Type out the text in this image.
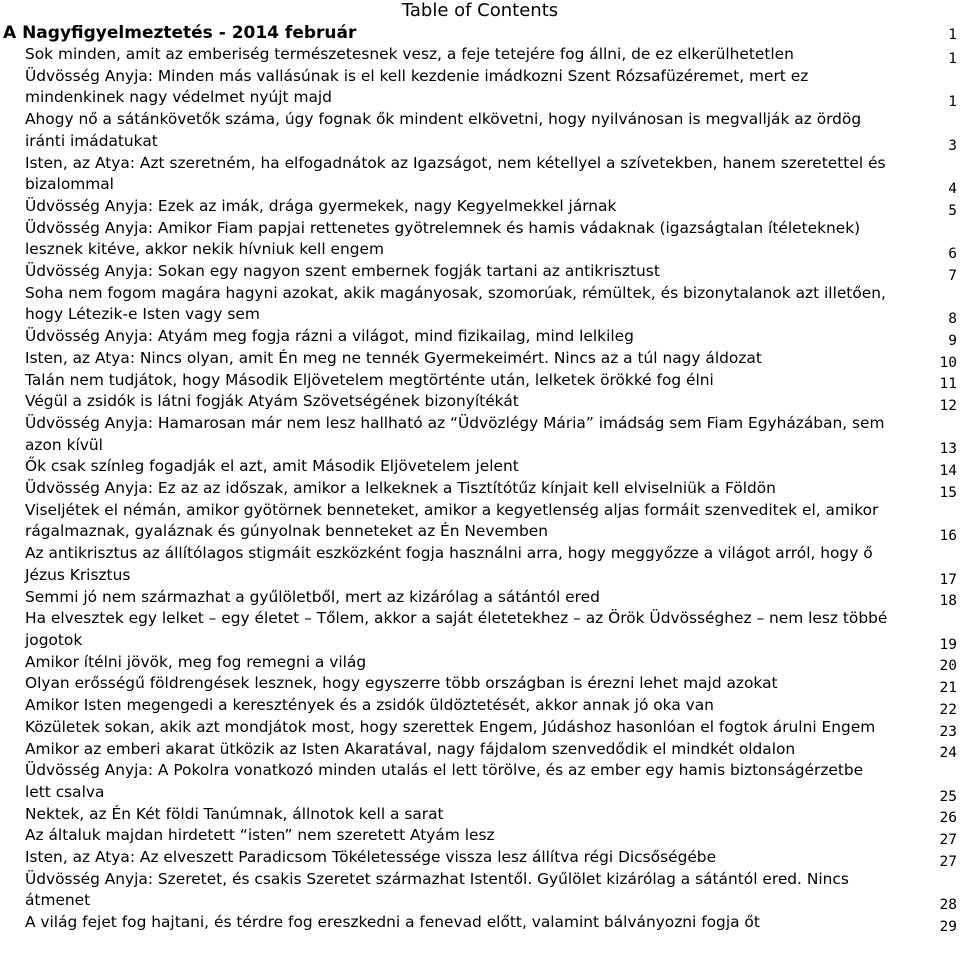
Table of Contents
A Nagyfigyelmeztetés - 2014 február	1
Sok minden, amit az emberiség természetesnek vesz, a feje tetejére fog állni, de ez elkerülhetetlen	1
Üdvösség Anyja: Minden más vallásúnak is el kell kezdenie imádkozni Szent Rózsafüzéremet, mert ez
mindenkinek nagy védelmet nyújt majd	1
Ahogy nő a sátánkövetők száma, úgy fognak ők mindent elkövetni, hogy nyilvánosan is megvallják az ördög
iránti imádatukat	3
Isten, az Atya: Azt szeretném, ha elfogadnátok az Igazságot, nem kétellyel a szívetekben, hanem szeretettel és
bizalommal	4
Üdvösség Anyja: Ezek az imák, drága gyermekek, nagy Kegyelmekkel járnak	5
Üdvösség Anyja: Amikor Fiam papjai rettenetes gyötrelemnek és hamis vádaknak (igazságtalan ítéleteknek)
lesznek kitéve, akkor nekik hívniuk kell engem	6
Üdvösség Anyja: Sokan egy nagyon szent embernek fogják tartani az antikrisztust	7
Soha nem fogom magára hagyni azokat, akik magányosak, szomorúak, rémültek, és bizonytalanok azt illetően,
hogy Létezik-e Isten vagy sem	8
Üdvösség Anyja: Atyám meg fogja rázni a világot, mind fizikailag, mind lelkileg	9
Isten, az Atya: Nincs olyan, amit Én meg ne tennék Gyermekeimért. Nincs az a túl nagy áldozat	10
Talán nem tudjátok, hogy Második Eljövetelem megtörténte után, lelketek örökké fog élni	11
Végül a zsidók is látni fogják Atyám Szövetségének bizonyítékát	12
Üdvösség Anyja: Hamarosan már nem lesz hallható az “Üdvözlégy Mária” imádság sem Fiam Egyházában, sem
azon kívül	13
Ők csak színleg fogadják el azt, amit Második Eljövetelem jelent	14
Üdvösség Anyja: Ez az az időszak, amikor a lelkeknek a Tisztítótűz kínjait kell elviselniük a Földön	15
Viseljétek el némán, amikor gyötörnek benneteket, amikor a kegyetlenség aljas formáit szenveditek el, amikor
rágalmaznak, gyaláznak és gúnyolnak benneteket az Én Nevemben	16
Az antikrisztus az állítólagos stigmáit eszközként fogja használni arra, hogy meggyőzze a világot arról, hogy ő
Jézus Krisztus	17
Semmi jó nem származhat a gyűlöletből, mert az kizárólag a sátántól ered	18
Ha elvesztek egy lelket – egy életet – Tőlem, akkor a saját életetekhez – az Örök Üdvösséghez – nem lesz többé
jogotok	19
Amikor ítélni jövök, meg fog remegni a világ	20
Olyan erősségű földrengések lesznek, hogy egyszerre több országban is érezni lehet majd azokat	21
Amikor Isten megengedi a keresztények és a zsidók üldöztetését, akkor annak jó oka van	22
Közületek sokan, akik azt mondjátok most, hogy szerettek Engem, Júdáshoz hasonlóan el fogtok árulni Engem	23
Amikor az emberi akarat ütközik az Isten Akaratával, nagy fájdalom szenvedődik el mindkét oldalon	24
Üdvösség Anyja: A Pokolra vonatkozó minden utalás el lett törölve, és az ember egy hamis biztonságérzetbe
lett csalva	25
Nektek, az Én Két földi Tanúmnak, állnotok kell a sarat	26
Az általuk majdan hirdetett “isten” nem szeretett Atyám lesz	27
Isten, az Atya: Az elveszett Paradicsom Tökéletessége vissza lesz állítva régi Dicsőségébe	27
Üdvösség Anyja: Szeretet, és csakis Szeretet származhat Istentől. Gyűlölet kizárólag a sátántól ered. Nincs
átmenet	28
A világ fejet fog hajtani, és térdre fog ereszkedni a fenevad előtt, valamint bálványozni fogja őt	29
